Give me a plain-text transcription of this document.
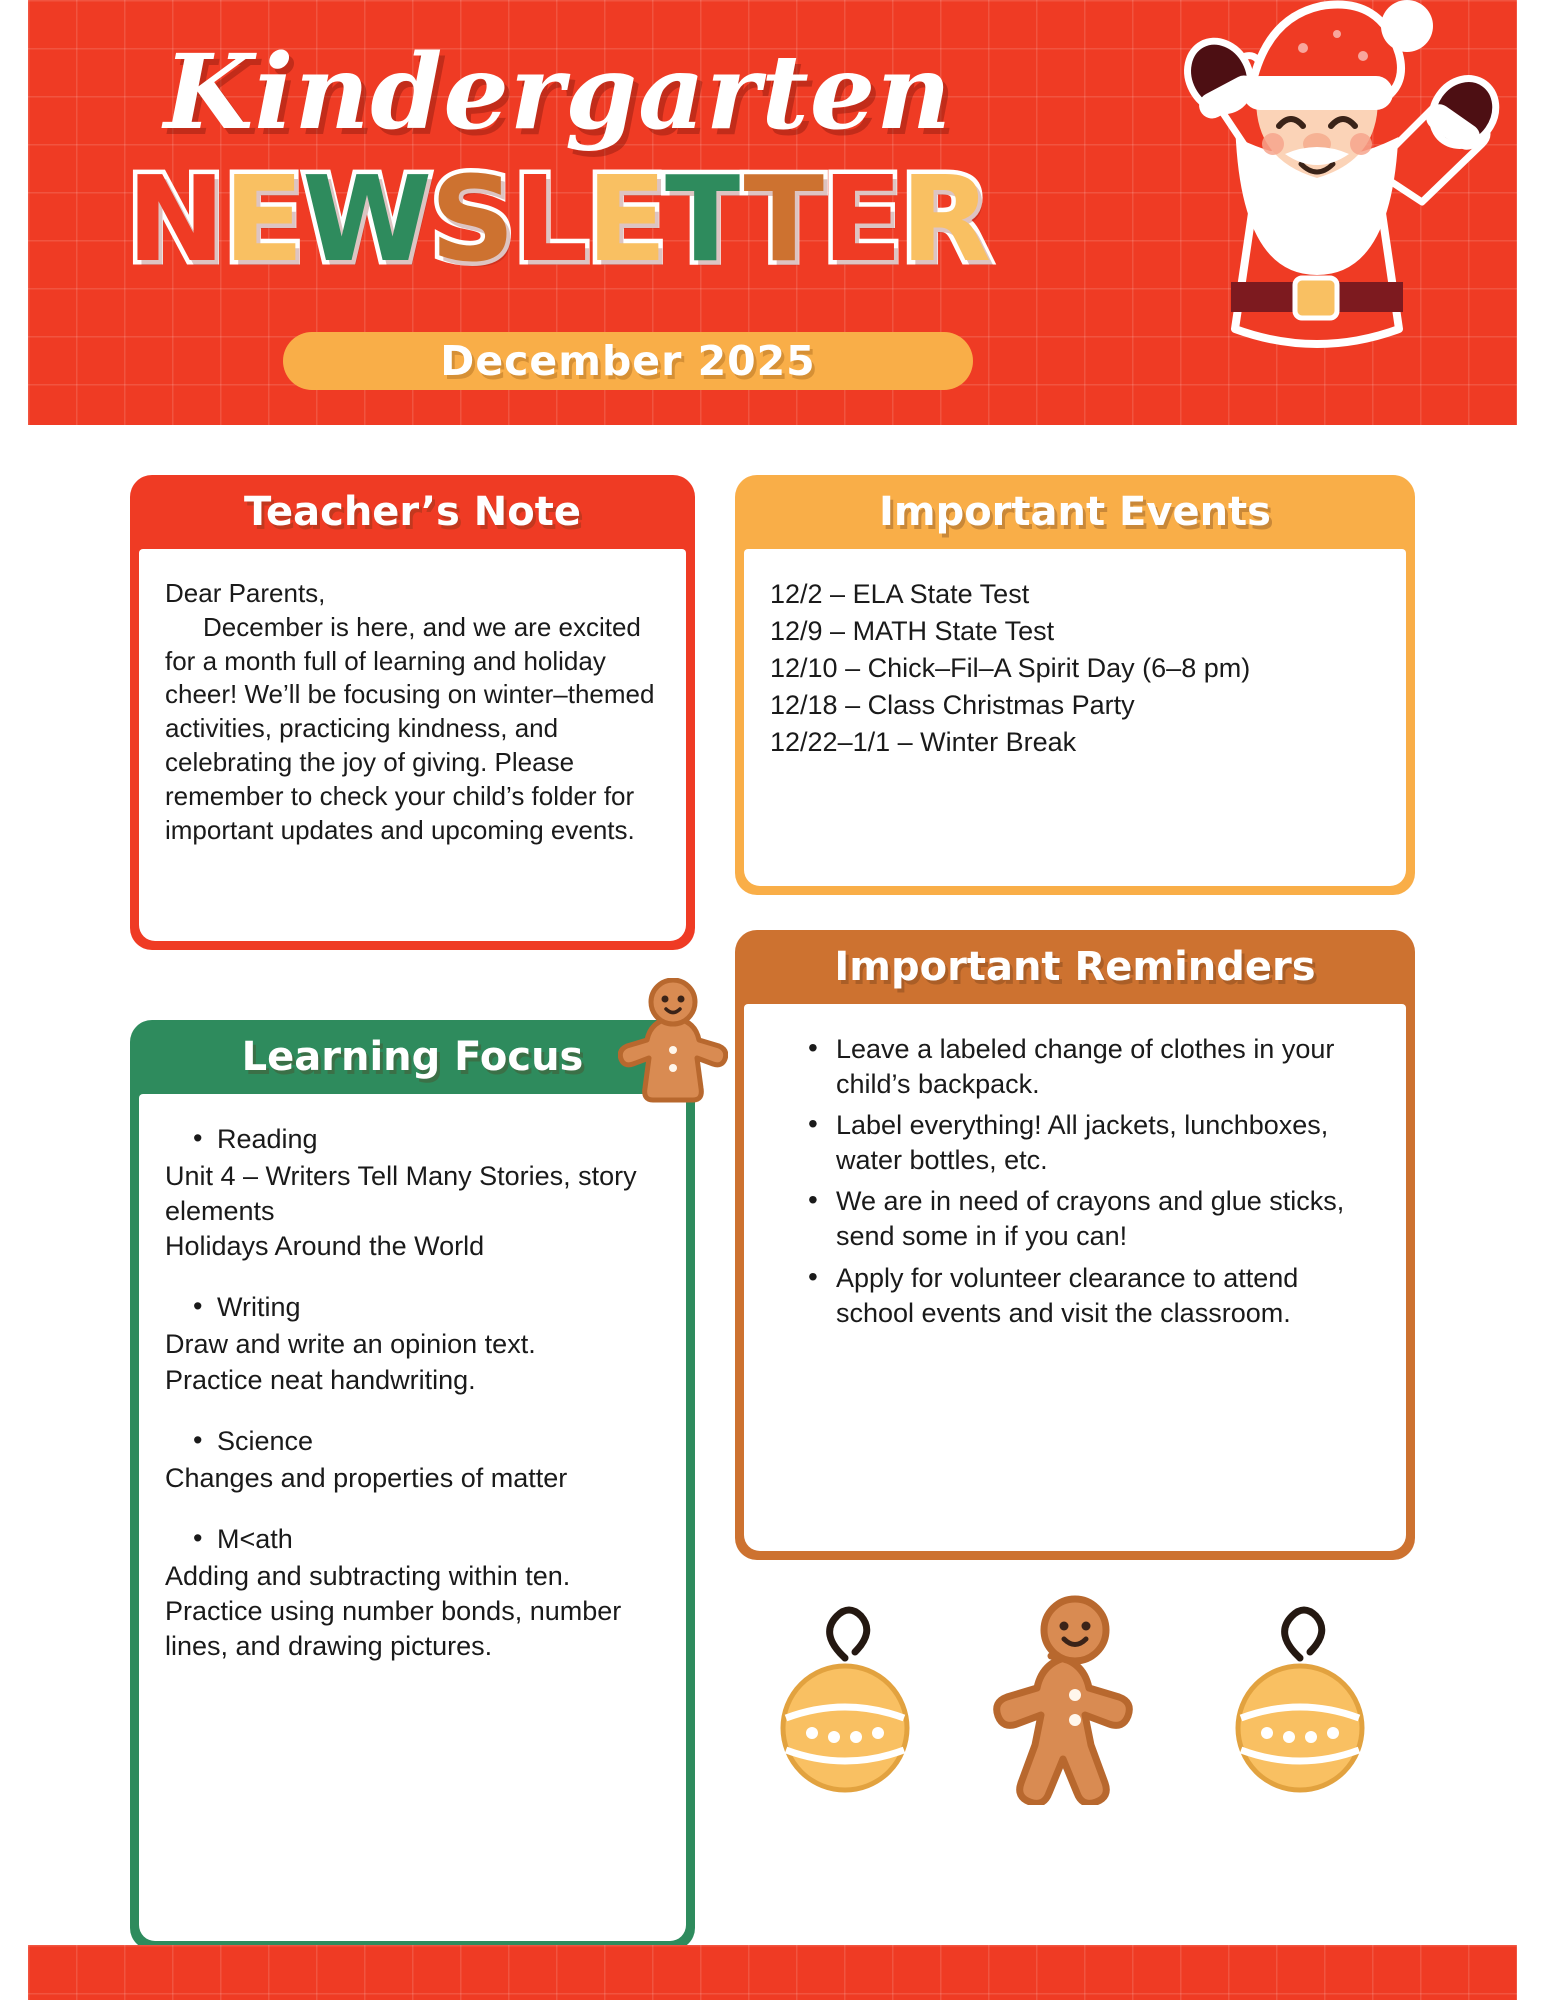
Kindergarten
NEWSLETTER
December 2025
Teacher’s Note

Dear Parents,

December is here, and we are excited for a month full of learning and holiday cheer! We’ll be focusing on winter–themed activities, practicing kindness, and celebrating the joy of giving. Please remember to check your child’s folder for important updates and upcoming events.

Important Events

12/2 – ELA State Test

12/9 – MATH State Test

12/10 – Chick–Fil–A Spirit Day (6–8 pm)

12/18 – Class Christmas Party

12/22–1/1 – Winter Break

Important Reminders
• Leave a labeled change of clothes in your child’s backpack.
• Label everything! All jackets, lunchboxes, water bottles, etc.
• We are in need of crayons and glue sticks, send some in if you can!
• Apply for volunteer clearance to attend school events and visit the classroom.
Learning Focus

• Reading

Unit 4 – Writers Tell Many Stories, story elements

Holidays Around the World

• Writing

Draw and write an opinion text.

Practice neat handwriting.

• Science

Changes and properties of matter

• M<ath

Adding and subtracting within ten.

Practice using number bonds, number lines, and drawing pictures.
